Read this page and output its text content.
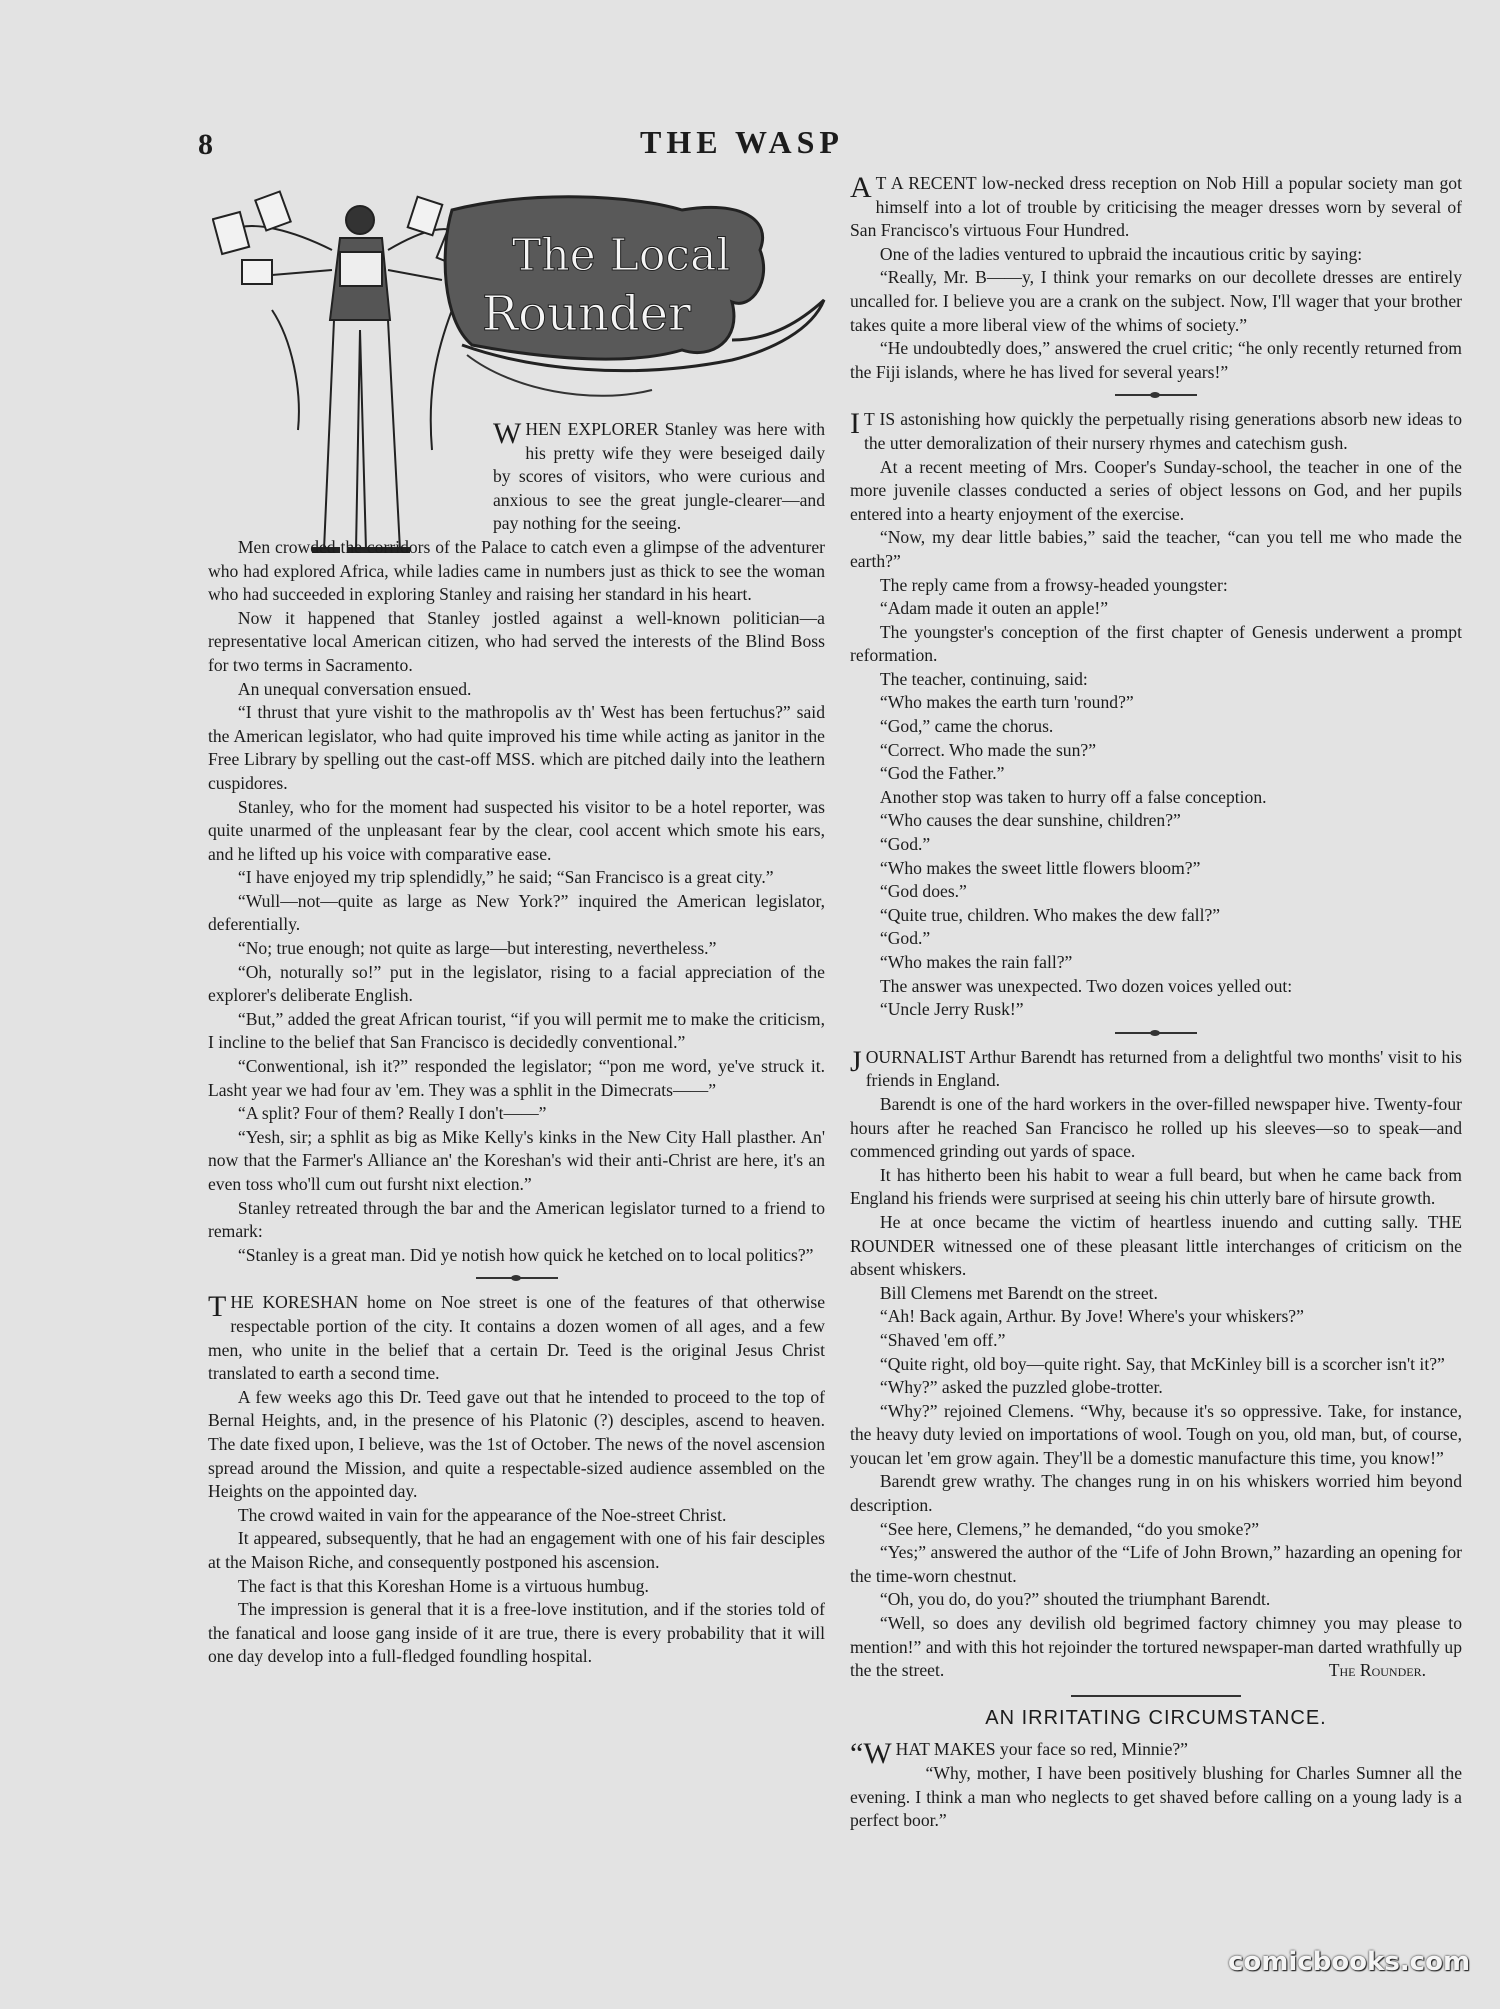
8	THE WASP
The Local
Rounder

WHEN EXPLORER Stanley was here with his pretty wife they were beseiged daily by scores of visitors, who were curious and anxious to see the great jungle-clearer—and pay nothing for the seeing.

Men crowded the corridors of the Palace to catch even a glimpse of the adventurer who had explored Africa, while ladies came in numbers just as thick to see the woman who had succeeded in exploring Stanley and raising her standard in his heart.

Now it happened that Stanley jostled against a well-known politician—a representative local American citizen, who had served the interests of the Blind Boss for two terms in Sacramento.

An unequal conversation ensued.

“I thrust that yure vishit to the mathropolis av th' West has been fertuchus?” said the American legislator, who had quite improved his time while acting as janitor in the Free Library by spelling out the cast-off MSS. which are pitched daily into the leathern cuspidores.

Stanley, who for the moment had suspected his visitor to be a hotel reporter, was quite unarmed of the unpleasant fear by the clear, cool accent which smote his ears, and he lifted up his voice with comparative ease.

“I have enjoyed my trip splendidly,” he said; “San Francisco is a great city.”

“Wull—not—quite as large as New York?” inquired the American legislator, deferentially.

“No; true enough; not quite as large—but interesting, nevertheless.”

“Oh, noturally so!” put in the legislator, rising to a facial appreciation of the explorer's deliberate English.

“But,” added the great African tourist, “if you will permit me to make the criticism, I incline to the belief that San Francisco is decidedly conventional.”

“Conwentional, ish it?” responded the legislator; “'pon me word, ye've struck it. Lasht year we had four av 'em. They was a sphlit in the Dimecrats——”

“A split? Four of them? Really I don't——”

“Yesh, sir; a sphlit as big as Mike Kelly's kinks in the New City Hall plasther. An' now that the Farmer's Alliance an' the Koreshan's wid their anti-Christ are here, it's an even toss who'll cum out fursht nixt election.”

Stanley retreated through the bar and the American legislator turned to a friend to remark:

“Stanley is a great man. Did ye notish how quick he ketched on to local politics?”

THE KORESHAN home on Noe street is one of the features of that otherwise respectable portion of the city. It contains a dozen women of all ages, and a few men, who unite in the belief that a certain Dr. Teed is the original Jesus Christ translated to earth a second time.

A few weeks ago this Dr. Teed gave out that he intended to proceed to the top of Bernal Heights, and, in the presence of his Platonic (?) desciples, ascend to heaven. The date fixed upon, I believe, was the 1st of October. The news of the novel ascension spread around the Mission, and quite a respectable-sized audience assembled on the Heights on the appointed day.

The crowd waited in vain for the appearance of the Noe-street Christ.

It appeared, subsequently, that he had an engagement with one of his fair desciples at the Maison Riche, and consequently postponed his ascension.

The fact is that this Koreshan Home is a virtuous humbug.

The impression is general that it is a free-love institution, and if the stories told of the fanatical and loose gang inside of it are true, there is every probability that it will one day develop into a full-fledged foundling hospital.

A T A RECENT low-necked dress reception on Nob Hill a popular society man got himself into a lot of trouble by criticising the meager dresses worn by several of San Francisco's virtuous Four Hundred.

One of the ladies ventured to upbraid the incautious critic by saying:

“Really, Mr. B——y, I think your remarks on our decollete dresses are entirely uncalled for. I believe you are a crank on the subject. Now, I'll wager that your brother takes quite a more liberal view of the whims of society.”

“He undoubtedly does,” answered the cruel critic; “he only recently returned from the Fiji islands, where he has lived for several years!”

I T IS astonishing how quickly the perpetually rising generations absorb new ideas to the utter demoralization of their nursery rhymes and catechism gush.

At a recent meeting of Mrs. Cooper's Sunday-school, the teacher in one of the more juvenile classes conducted a series of object lessons on God, and her pupils entered into a hearty enjoyment of the exercise.

“Now, my dear little babies,” said the teacher, “can you tell me who made the earth?”

The reply came from a frowsy-headed youngster:

“Adam made it outen an apple!”

The youngster's conception of the first chapter of Genesis underwent a prompt reformation.

The teacher, continuing, said:

“Who makes the earth turn 'round?”

“God,” came the chorus.

“Correct. Who made the sun?”

“God the Father.”

Another stop was taken to hurry off a false conception.

“Who causes the dear sunshine, children?”

“God.”

“Who makes the sweet little flowers bloom?”

“God does.”

“Quite true, children. Who makes the dew fall?”

“God.”

“Who makes the rain fall?”

The answer was unexpected. Two dozen voices yelled out:

“Uncle Jerry Rusk!”

JOURNALIST Arthur Barendt has returned from a delightful two months' visit to his friends in England.

Barendt is one of the hard workers in the over-filled newspaper hive. Twenty-four hours after he reached San Francisco he rolled up his sleeves—so to speak—and commenced grinding out yards of space.

It has hitherto been his habit to wear a full beard, but when he came back from England his friends were surprised at seeing his chin utterly bare of hirsute growth.

He at once became the victim of heartless inuendo and cutting sally. THE ROUNDER witnessed one of these pleasant little interchanges of criticism on the absent whiskers.

Bill Clemens met Barendt on the street.

“Ah! Back again, Arthur. By Jove! Where's your whiskers?”

“Shaved 'em off.”

“Quite right, old boy—quite right. Say, that McKinley bill is a scorcher isn't it?”

“Why?” asked the puzzled globe-trotter.

“Why?” rejoined Clemens. “Why, because it's so oppressive. Take, for instance, the heavy duty levied on importations of wool. Tough on you, old man, but, of course, youcan let 'em grow again. They'll be a domestic manufacture this time, you know!”

Barendt grew wrathy. The changes rung in on his whiskers worried him beyond description.

“See here, Clemens,” he demanded, “do you smoke?”

“Yes;” answered the author of the “Life of John Brown,” hazarding an opening for the time-worn chestnut.

“Oh, you do, do you?” shouted the triumphant Barendt.

“Well, so does any devilish old begrimed factory chimney you may please to mention!” and with this hot rejoinder the tortured newspaper-man darted wrathfully up the the street.	The Rounder.

AN IRRITATING CIRCUMSTANCE.

“WHAT MAKES your face so red, Minnie?”

“Why, mother, I have been positively blushing for Charles Sumner all the evening. I think a man who neglects to get shaved before calling on a young lady is a perfect boor.”

comicbooks.com
